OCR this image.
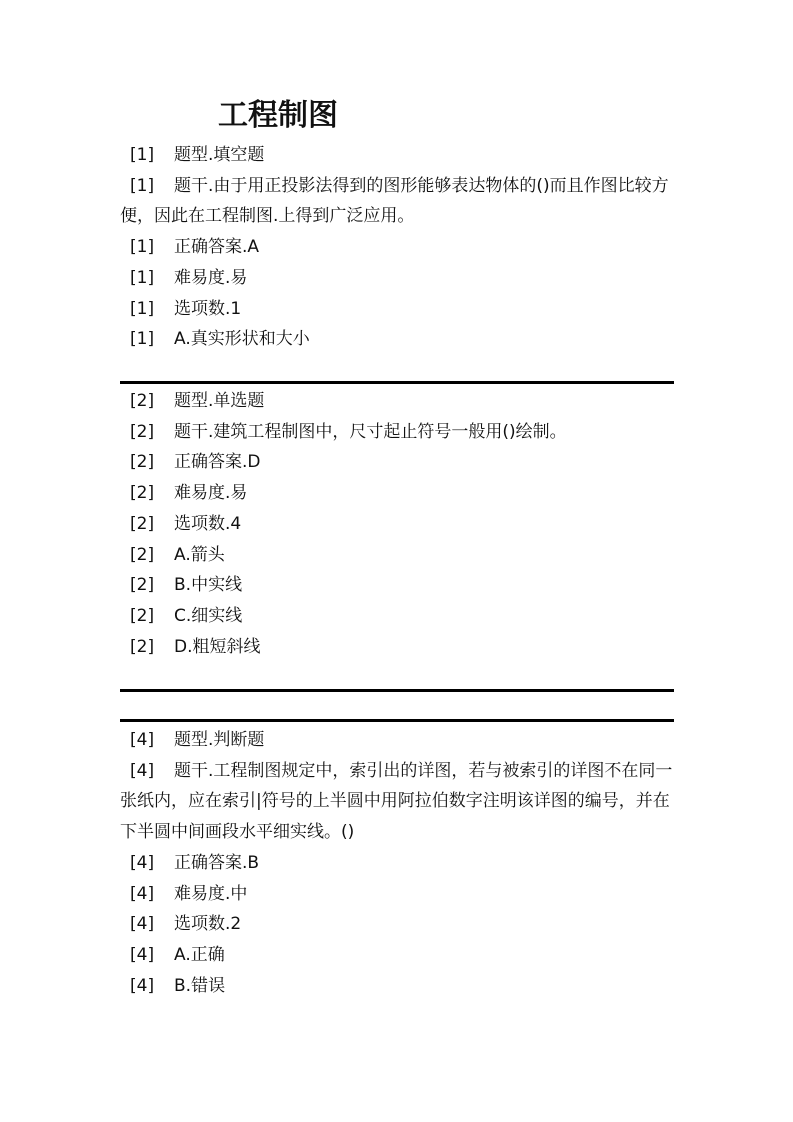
工程制图

[1] 题型.填空题

[1] 题干.由于用正投影法得到的图形能够表达物体的()而且作图比较方便，因此在工程制图.上得到广泛应用。

[1] 正确答案.A

[1] 难易度.易

[1] 选项数.1

[1] A.真实形状和大小

[2] 题型.单选题

[2] 题干.建筑工程制图中，尺寸起止符号一般用()绘制。

[2] 正确答案.D

[2] 难易度.易

[2] 选项数.4

[2] A.箭头

[2] B.中实线

[2] C.细实线

[2] D.粗短斜线

[4] 题型.判断题

[4] 题干.工程制图规定中，索引出的详图，若与被索引的详图不在同一张纸内，应在索引|符号的上半圆中用阿拉伯数字注明该详图的编号，并在下半圆中间画段水平细实线。()

[4] 正确答案.B

[4] 难易度.中

[4] 选项数.2

[4] A.正确

[4] B.错误
